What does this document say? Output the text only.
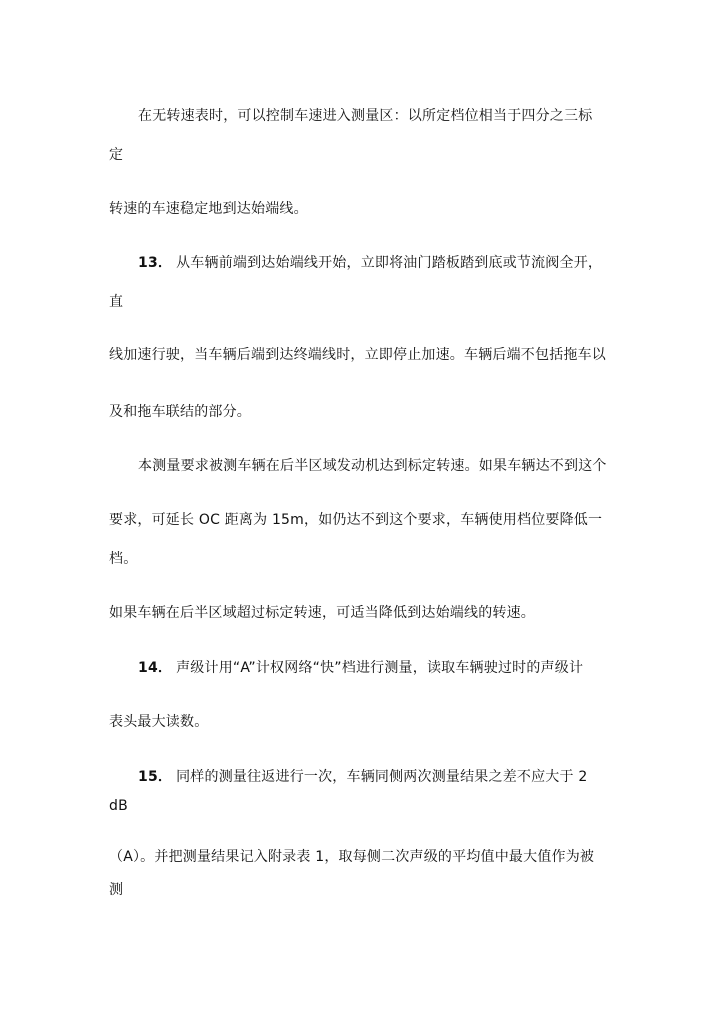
在无转速表时，可以控制车速进入测量区：以所定档位相当于四分之三标
定
转速的车速稳定地到达始端线。
13． 从车辆前端到达始端线开始，立即将油门踏板踏到底或节流阀全开，
直
线加速行驶，当车辆后端到达终端线时，立即停止加速。车辆后端不包括拖车以
及和拖车联结的部分。
本测量要求被测车辆在后半区域发动机达到标定转速。如果车辆达不到这个
要求，可延长 OC 距离为 15m，如仍达不到这个要求，车辆使用档位要降低一
档。
如果车辆在后半区域超过标定转速，可适当降低到达始端线的转速。
14． 声级计用“A”计权网络“快”档进行测量，读取车辆驶过时的声级计
表头最大读数。
15． 同样的测量往返进行一次，车辆同侧两次测量结果之差不应大于 2
dB
（A）。并把测量结果记入附录表 1，取每侧二次声级的平均值中最大值作为被
测
